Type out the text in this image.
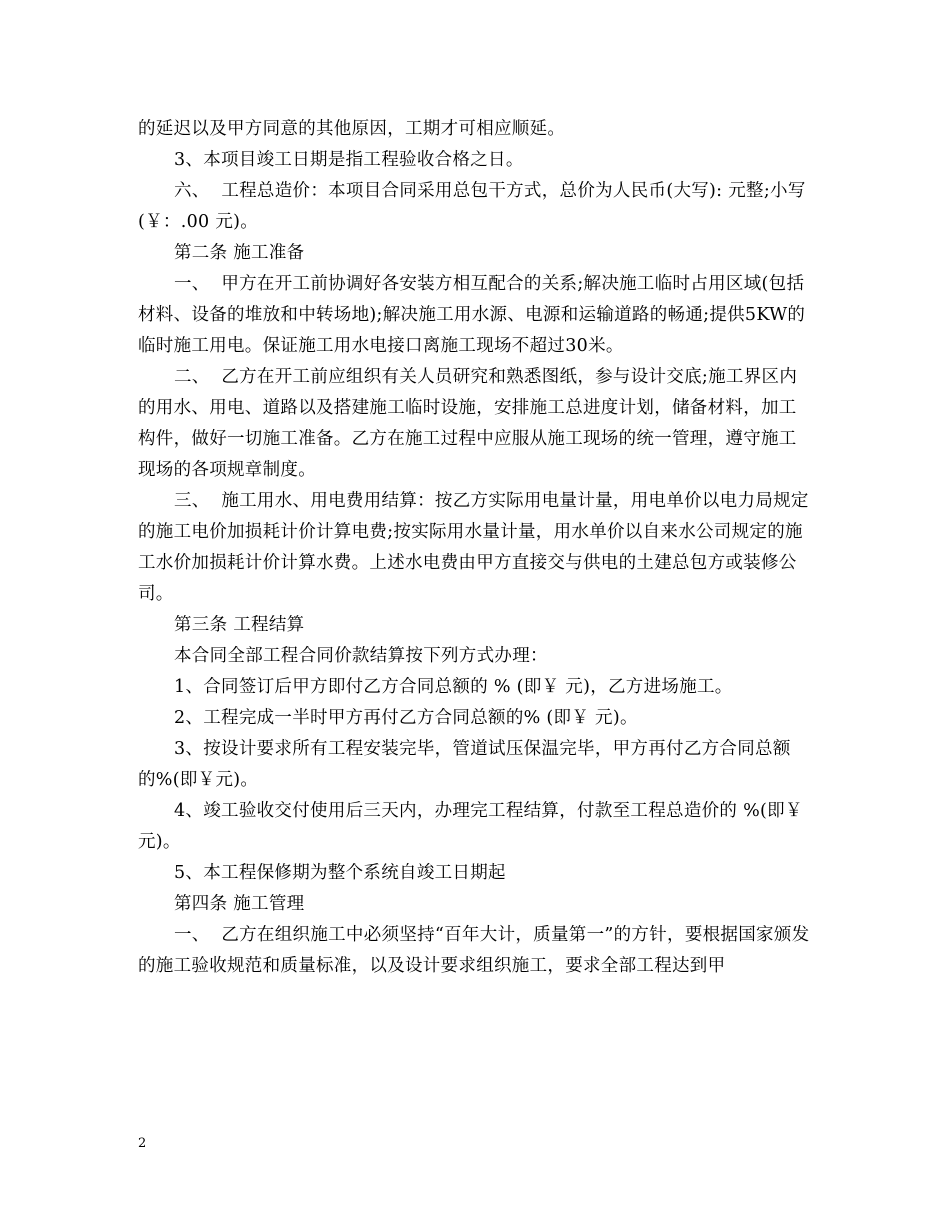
的延迟以及甲方同意的其他原因，工期才可相应顺延。

3、本项目竣工日期是指工程验收合格之日。

六、  工程总造价：本项目合同采用总包干方式，总价为人民币(大写): 元整;小写(￥：.00 元)。

第二条 施工准备

一、  甲方在开工前协调好各安装方相互配合的关系;解决施工临时占用区域(包括材料、设备的堆放和中转场地);解决施工用水源、电源和运输道路的畅通;提供5KW的临时施工用电。保证施工用水电接口离施工现场不超过30米。

二、  乙方在开工前应组织有关人员研究和熟悉图纸，参与设计交底;施工界区内的用水、用电、道路以及搭建施工临时设施，安排施工总进度计划，储备材料，加工构件，做好一切施工准备。乙方在施工过程中应服从施工现场的统一管理，遵守施工现场的各项规章制度。

三、  施工用水、用电费用结算：按乙方实际用电量计量，用电单价以电力局规定的施工电价加损耗计价计算电费;按实际用水量计量，用水单价以自来水公司规定的施工水价加损耗计价计算水费。上述水电费由甲方直接交与供电的土建总包方或装修公司。

第三条 工程结算

本合同全部工程合同价款结算按下列方式办理：

1、合同签订后甲方即付乙方合同总额的 % (即￥ 元)，乙方进场施工。

2、工程完成一半时甲方再付乙方合同总额的% (即￥ 元)。

3、按设计要求所有工程安装完毕，管道试压保温完毕，甲方再付乙方合同总额的%(即￥元)。

4、竣工验收交付使用后三天内，办理完工程结算，付款至工程总造价的 %(即￥ 元)。

5、本工程保修期为整个系统自竣工日期起

第四条 施工管理

一、  乙方在组织施工中必须坚持“百年大计，质量第一”的方针，要根据国家颁发的施工验收规范和质量标准，以及设计要求组织施工，要求全部工程达到甲

2
